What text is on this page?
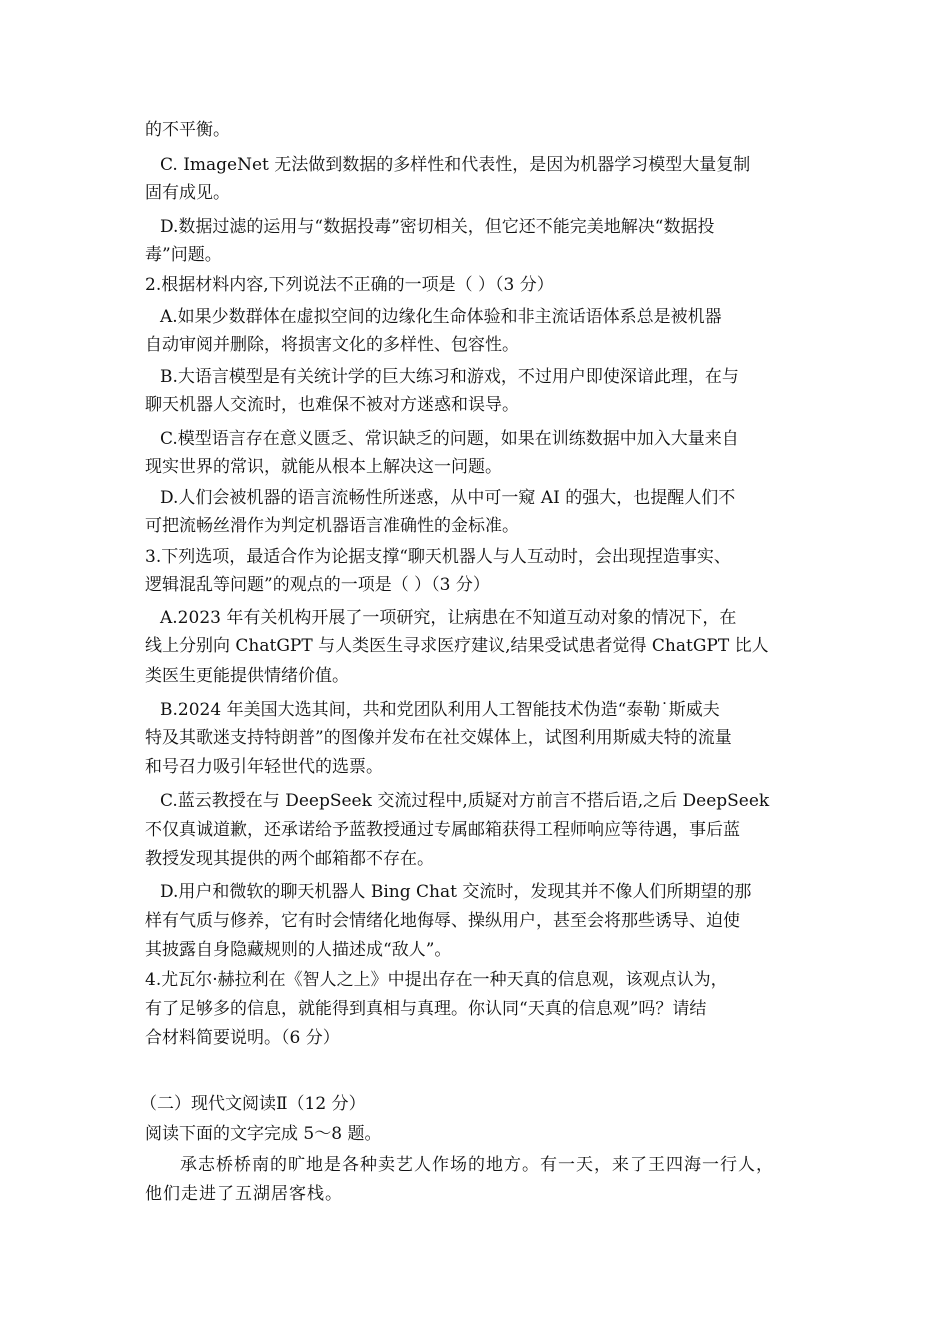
的不平衡。
C. ImageNet 无法做到数据的多样性和代表性，是因为机器学习模型大量复制
固有成见。
D.数据过滤的运用与“数据投毒”密切相关，但它还不能完美地解决“数据投
毒”问题。
2.根据材料内容,下列说法不正确的一项是（ ）（3 分）
A.如果少数群体在虚拟空间的边缘化生命体验和非主流话语体系总是被机器
自动审阅并删除，将损害文化的多样性、包容性。
B.大语言模型是有关统计学的巨大练习和游戏，不过用户即使深谙此理，在与
聊天机器人交流时，也难保不被对方迷惑和误导。
C.模型语言存在意义匮乏、常识缺乏的问题，如果在训练数据中加入大量来自
现实世界的常识，就能从根本上解决这一问题。
D.人们会被机器的语言流畅性所迷惑，从中可一窥 AI 的强大，也提醒人们不
可把流畅丝滑作为判定机器语言准确性的金标准。
3.下列选项，最适合作为论据支撑“聊天机器人与人互动时，会出现捏造事实、
逻辑混乱等问题”的观点的一项是（ ）（3 分）
A.2023 年有关机构开展了一项研究，让病患在不知道互动对象的情况下，在
线上分别向 ChatGPT 与人类医生寻求医疗建议,结果受试患者觉得 ChatGPT 比人
类医生更能提供情绪价值。
B.2024 年美国大选其间，共和党团队利用人工智能技术伪造“泰勒˙斯威夫
特及其歌迷支持特朗普”的图像并发布在社交媒体上，试图利用斯威夫特的流量
和号召力吸引年轻世代的选票。
C.蓝云教授在与 DeepSeek 交流过程中,质疑对方前言不搭后语,之后 DeepSeek
不仅真诚道歉，还承诺给予蓝教授通过专属邮箱获得工程师响应等待遇，事后蓝
教授发现其提供的两个邮箱都不存在。
D.用户和微软的聊天机器人 Bing Chat 交流时，发现其并不像人们所期望的那
样有气质与修养，它有时会情绪化地侮辱、操纵用户，甚至会将那些诱导、迫使
其披露自身隐藏规则的人描述成“敌人”。
4.尤瓦尔·赫拉利在《智人之上》中提出存在一种天真的信息观，该观点认为，
有了足够多的信息，就能得到真相与真理。你认同“天真的信息观”吗？请结
合材料简要说明。（6 分）
（二）现代文阅读Ⅱ（12 分）
阅读下面的文字完成 5～8 题。
承志桥桥南的旷地是各种卖艺人作场的地方。有一天，来了王四海一行人，
他们走进了五湖居客栈。
